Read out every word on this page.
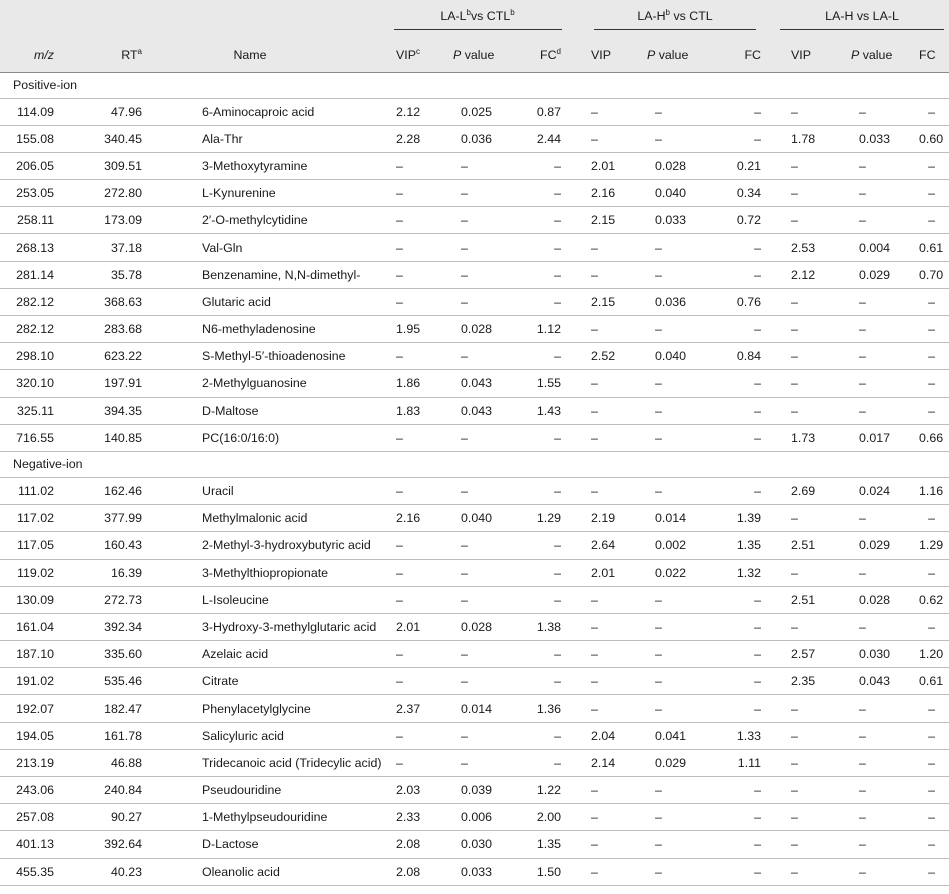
			$LA-L^bvs$ CTL$^b$			$LA-H^b$ vs CTL			LA-H vs LA-L		
m/z	$RT^a$	Name	VIP$^c$	P value	$FC^d$	VIP	P value	FC	VIP	P value	FC
Positive-ion											
114.09	47.96	6-Aminocaproic acid	2.12	0.025	0.87	–	–	–	–	–	–
155.08	340.45	Ala-Thr	2.28	0.036	2.44	–	–	–	1.78	0.033	0.60
206.05	309.51	3-Methoxytyramine	–	–	–	2.01	0.028	0.21	–	–	–
253.05	272.80	L-Kynurenine	–	–	–	2.16	0.040	0.34	–	–	–
258.11	173.09	2′-O-methylcytidine	–	–	–	2.15	0.033	0.72	–	–	–
268.13	37.18	Val-Gln	–	–	–	–	–	–	2.53	0.004	0.61
281.14	35.78	Benzenamine, N,N-dimethyl-	–	–	–	–	–	–	2.12	0.029	0.70
282.12	368.63	Glutaric acid	–	–	–	2.15	0.036	0.76	–	–	–
282.12	283.68	N6-methyladenosine	1.95	0.028	1.12	–	–	–	–	–	–
298.10	623.22	S-Methyl-5′-thioadenosine	–	–	–	2.52	0.040	0.84	–	–	–
320.10	197.91	2-Methylguanosine	1.86	0.043	1.55	–	–	–	–	–	–
325.11	394.35	D-Maltose	1.83	0.043	1.43	–	–	–	–	–	–
716.55	140.85	PC(16:0/16:0)	–	–	–	–	–	–	1.73	0.017	0.66
Negative-ion											
111.02	162.46	Uracil	–	–	–	–	–	–	2.69	0.024	1.16
117.02	377.99	Methylmalonic acid	2.16	0.040	1.29	2.19	0.014	1.39	–	–	–
117.05	160.43	2-Methyl-3-hydroxybutyric acid	–	–	–	2.64	0.002	1.35	2.51	0.029	1.29
119.02	16.39	3-Methylthiopropionate	–	–	–	2.01	0.022	1.32	–	–	–
130.09	272.73	L-Isoleucine	–	–	–	–	–	–	2.51	0.028	0.62
161.04	392.34	3-Hydroxy-3-methylglutaric acid	2.01	0.028	1.38	–	–	–	–	–	–
187.10	335.60	Azelaic acid	–	–	–	–	–	–	2.57	0.030	1.20
191.02	535.46	Citrate	–	–	–	–	–	–	2.35	0.043	0.61
192.07	182.47	Phenylacetylglycine	2.37	0.014	1.36	–	–	–	–	–	–
194.05	161.78	Salicyluric acid	–	–	–	2.04	0.041	1.33	–	–	–
213.19	46.88	Tridecanoic acid (Tridecylic acid)	–	–	–	2.14	0.029	1.11	–	–	–
243.06	240.84	Pseudouridine	2.03	0.039	1.22	–	–	–	–	–	–
257.08	90.27	1-Methylpseudouridine	2.33	0.006	2.00	–	–	–	–	–	–
401.13	392.64	D-Lactose	2.08	0.030	1.35	–	–	–	–	–	–
455.35	40.23	Oleanolic acid	2.08	0.033	1.50	–	–	–	–	–	–
